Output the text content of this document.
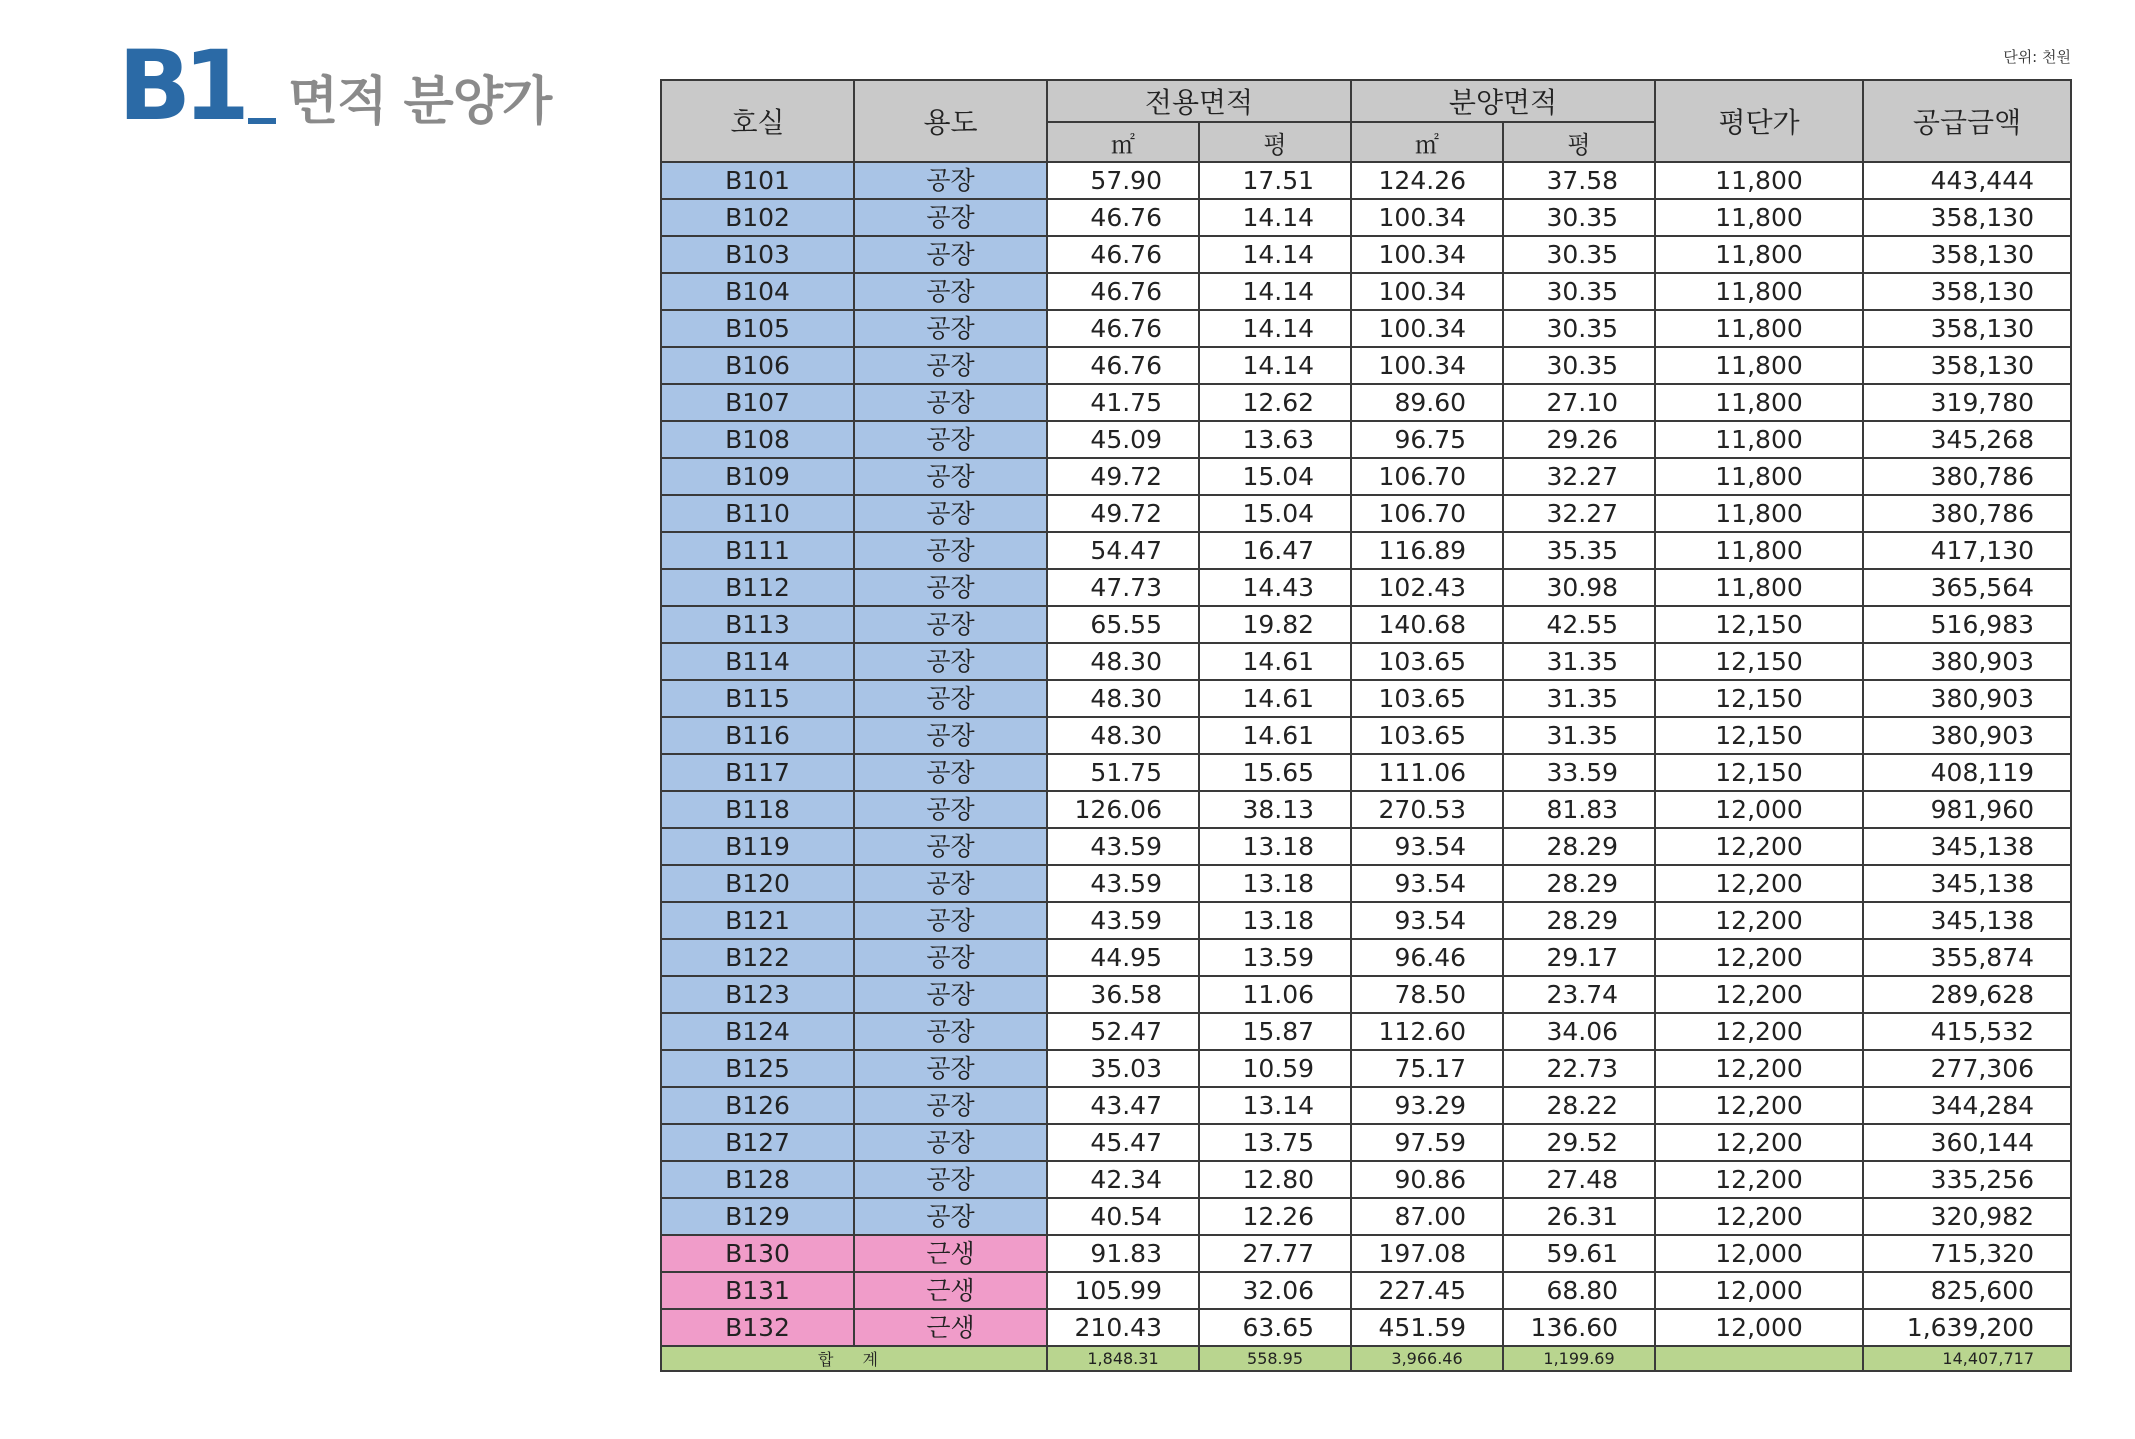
B1 면적 분양가
단위: 천원
호실	용도	전용면적		분양면적		평단가	공급금액
		㎡	평	㎡	평		
B101	공장	57.90	17.51	124.26	37.58	11,800	443,444
B102	공장	46.76	14.14	100.34	30.35	11,800	358,130
B103	공장	46.76	14.14	100.34	30.35	11,800	358,130
B104	공장	46.76	14.14	100.34	30.35	11,800	358,130
B105	공장	46.76	14.14	100.34	30.35	11,800	358,130
B106	공장	46.76	14.14	100.34	30.35	11,800	358,130
B107	공장	41.75	12.62	89.60	27.10	11,800	319,780
B108	공장	45.09	13.63	96.75	29.26	11,800	345,268
B109	공장	49.72	15.04	106.70	32.27	11,800	380,786
B110	공장	49.72	15.04	106.70	32.27	11,800	380,786
B111	공장	54.47	16.47	116.89	35.35	11,800	417,130
B112	공장	47.73	14.43	102.43	30.98	11,800	365,564
B113	공장	65.55	19.82	140.68	42.55	12,150	516,983
B114	공장	48.30	14.61	103.65	31.35	12,150	380,903
B115	공장	48.30	14.61	103.65	31.35	12,150	380,903
B116	공장	48.30	14.61	103.65	31.35	12,150	380,903
B117	공장	51.75	15.65	111.06	33.59	12,150	408,119
B118	공장	126.06	38.13	270.53	81.83	12,000	981,960
B119	공장	43.59	13.18	93.54	28.29	12,200	345,138
B120	공장	43.59	13.18	93.54	28.29	12,200	345,138
B121	공장	43.59	13.18	93.54	28.29	12,200	345,138
B122	공장	44.95	13.59	96.46	29.17	12,200	355,874
B123	공장	36.58	11.06	78.50	23.74	12,200	289,628
B124	공장	52.47	15.87	112.60	34.06	12,200	415,532
B125	공장	35.03	10.59	75.17	22.73	12,200	277,306
B126	공장	43.47	13.14	93.29	28.22	12,200	344,284
B127	공장	45.47	13.75	97.59	29.52	12,200	360,144
B128	공장	42.34	12.80	90.86	27.48	12,200	335,256
B129	공장	40.54	12.26	87.00	26.31	12,200	320,982
B130	근생	91.83	27.77	197.08	59.61	12,000	715,320
B131	근생	105.99	32.06	227.45	68.80	12,000	825,600
B132	근생	210.43	63.65	451.59	136.60	12,000	1,639,200
합 계		1,848.31	558.95	3,966.46	1,199.69		14,407,717
